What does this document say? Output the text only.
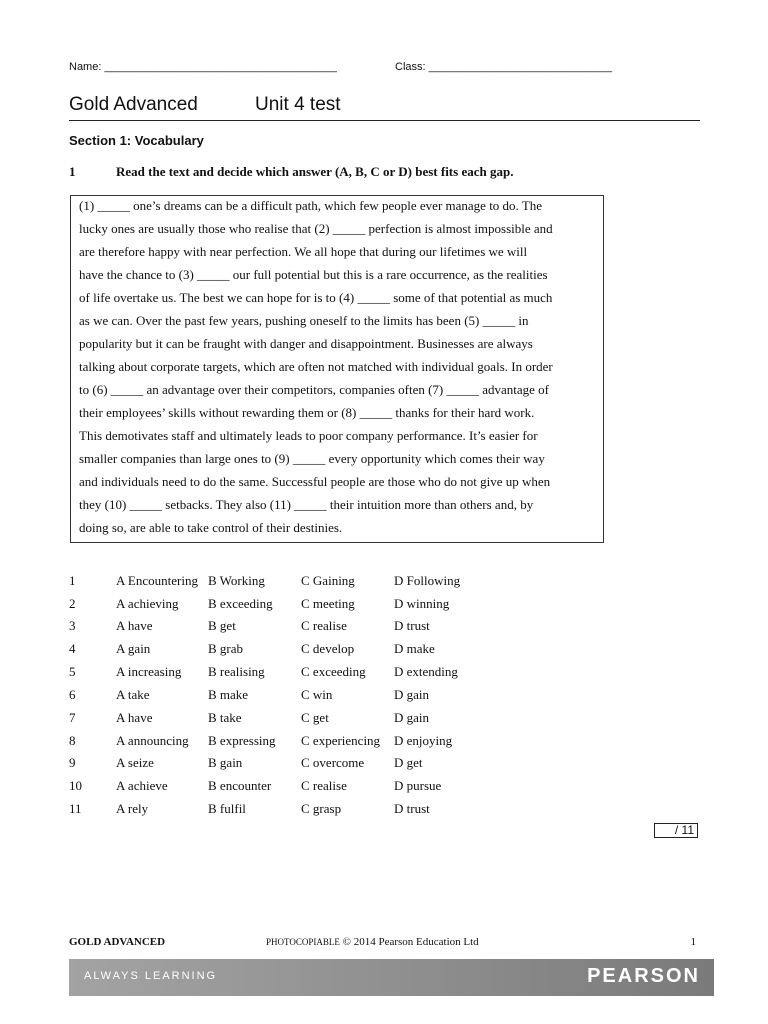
Name: ______________________________________	Class: ______________________________
Gold Advanced	Unit 4 test
Section 1: Vocabulary
1	Read the text and decide which answer (A, B, C or D) best fits each gap.
(1) _____ one’s dreams can be a difficult path, which few people ever manage to do. The
lucky ones are usually those who realise that (2) _____ perfection is almost impossible and
are therefore happy with near perfection. We all hope that during our lifetimes we will
have the chance to (3) _____ our full potential but this is a rare occurrence, as the realities
of life overtake us. The best we can hope for is to (4) _____ some of that potential as much
as we can. Over the past few years, pushing oneself to the limits has been (5) _____ in
popularity but it can be fraught with danger and disappointment. Businesses are always
talking about corporate targets, which are often not matched with individual goals. In order
to (6) _____ an advantage over their competitors, companies often (7) _____ advantage of
their employees’ skills without rewarding them or (8) _____ thanks for their hard work.
This demotivates staff and ultimately leads to poor company performance. It’s easier for
smaller companies than large ones to (9) _____ every opportunity which comes their way
and individuals need to do the same. Successful people are those who do not give up when
they (10) _____ setbacks. They also (11) _____ their intuition more than others and, by
doing so, are able to take control of their destinies.
1	A Encountering B Working	C Gaining	D Following
2	A achieving B exceeding C meeting	D winning
3	A have	B get	C realise	D trust
4	A gain	B grab	C develop	D make
5	A increasing B realising	C exceeding D extending
6	A take	B make	C win	D gain
7	A have	B take	C get	D gain
8	A announcing B expressing C experiencing D enjoying
9	A seize	B gain	C overcome D get
10	A achieve	B encounter C realise	D pursue
11	A rely	B fulfil	C grasp	D trust
/ 11
GOLD ADVANCED	PHOTOCOPIABLE © 2014 Pearson Education Ltd	1
ALWAYS LEARNING	PEARSON
